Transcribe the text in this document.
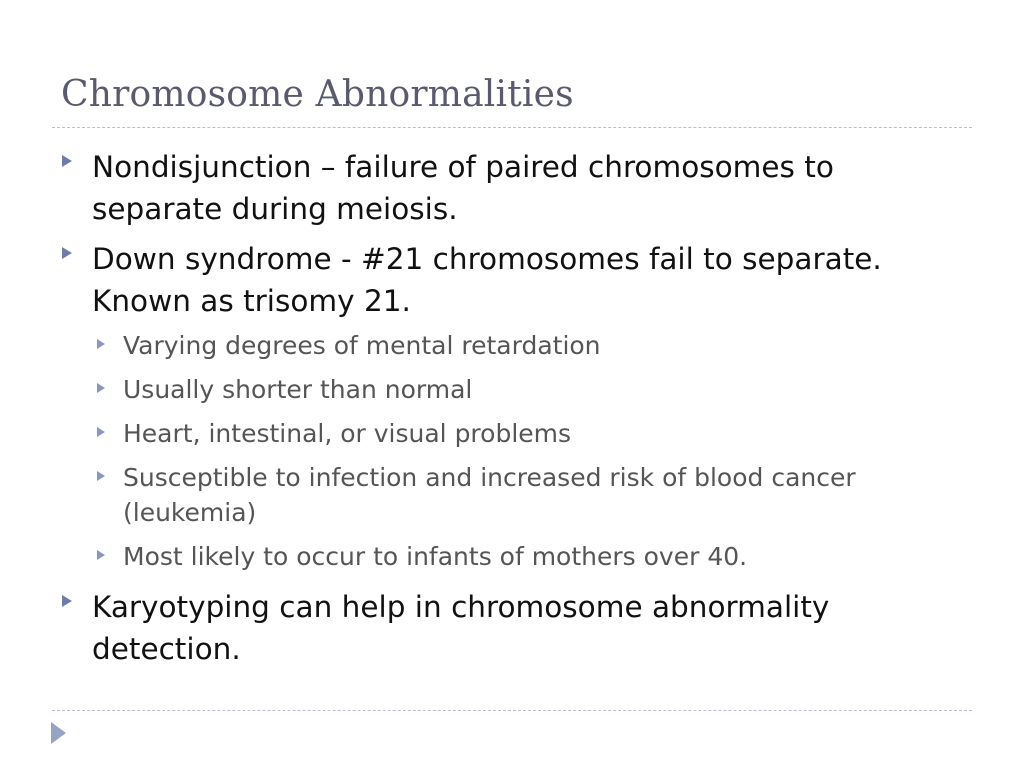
Chromosome Abnormalities
Nondisjunction – failure of paired chromosomes to separate during meiosis.
Down syndrome - #21 chromosomes fail to separate. Known as trisomy 21.
Varying degrees of mental retardation
Usually shorter than normal
Heart, intestinal, or visual problems
Susceptible to infection and increased risk of blood cancer (leukemia)
Most likely to occur to infants of mothers over 40.
Karyotyping can help in chromosome abnormality detection.
